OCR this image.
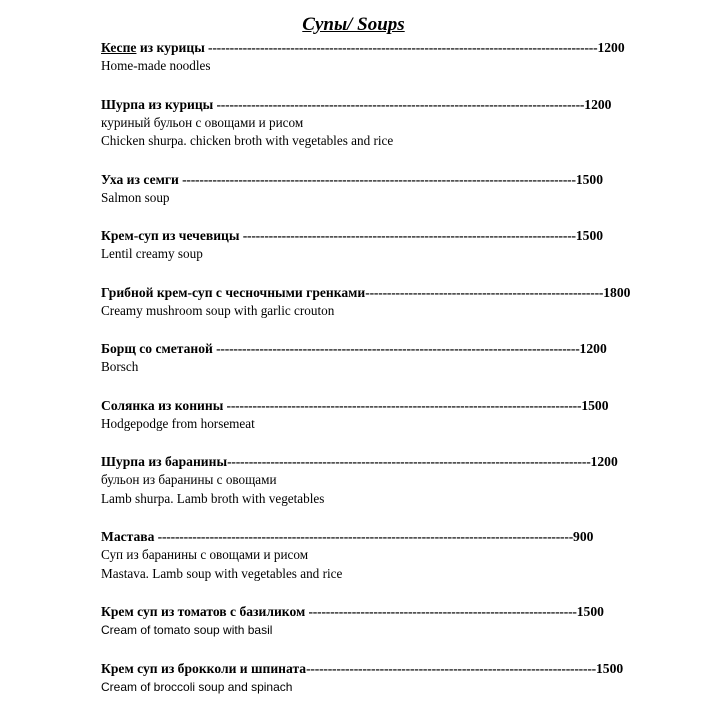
Супы/ Soups
Кеспе из курицы ------------------------------------------------------------------------------------------1200
Home-made noodles
Шурпа из курицы -------------------------------------------------------------------------------------1200
куриный бульон с овощами и рисом
Chicken shurpa. chicken broth with vegetables and rice
Уха из семги -------------------------------------------------------------------------------------------1500
Salmon soup
Крем-суп из чечевицы -----------------------------------------------------------------------------1500
Lentil creamy soup
Грибной крем-суп с чесночными гренками-------------------------------------------------------1800
Creamy mushroom soup with garlic crouton
Борщ со сметаной ------------------------------------------------------------------------------------1200
Borsch
Солянка из конины ----------------------------------------------------------------------------------1500
Hodgepodge from horsemeat
Шурпа из баранины------------------------------------------------------------------------------------1200
бульон из баранины с овощами
Lamb shurpa. Lamb broth with vegetables
Мастава ------------------------------------------------------------------------------------------------900
Суп из баранины с овощами и рисом
Mastava. Lamb soup with vegetables and rice
Крем суп из томатов с базиликом --------------------------------------------------------------1500
Cream of tomato soup with basil
Крем суп из брокколи и шпината-------------------------------------------------------------------1500
Cream of broccoli soup and spinach
